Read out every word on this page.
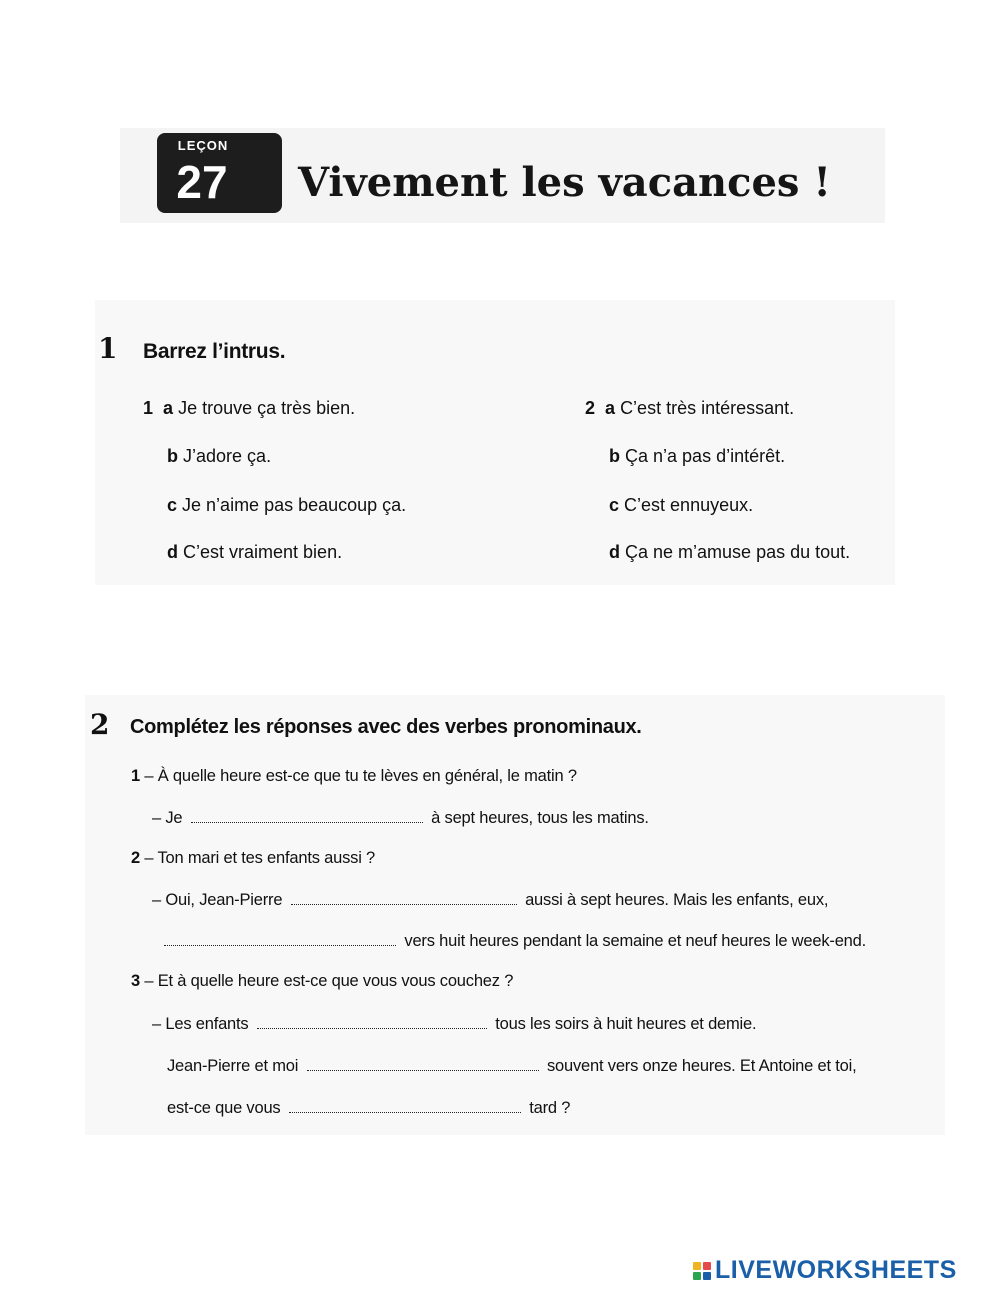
LEÇON
27	Vivement les vacances !
1 Barrez l’intrus.
1 a Je trouve ça très bien.
b J’adore ça.
c Je n’aime pas beaucoup ça.
d C’est vraiment bien.
2 a C’est très intéressant.
b Ça n’a pas d’intérêt.
c C’est ennuyeux.
d Ça ne m’amuse pas du tout.
2 Complétez les réponses avec des verbes pronominaux.
1 – À quelle heure est-ce que tu te lèves en général, le matin ?
– Je	à sept heures, tous les matins.
2 – Ton mari et tes enfants aussi ?
– Oui, Jean-Pierre	aussi à sept heures. Mais les enfants, eux,
vers huit heures pendant la semaine et neuf heures le week-end.
3 – Et à quelle heure est-ce que vous vous couchez ?
– Les enfants	tous les soirs à huit heures et demie.
Jean-Pierre et moi	souvent vers onze heures. Et Antoine et toi,
est-ce que vous	tard ?
LIVEWORKSHEETS
